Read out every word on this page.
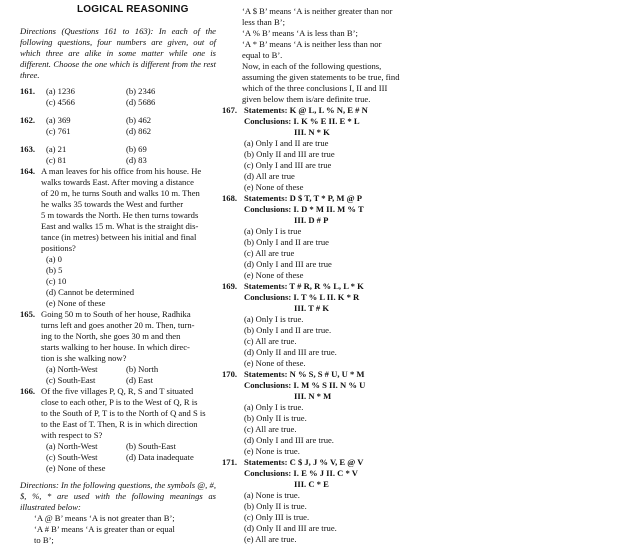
LOGICAL REASONING
Directions (Questions 161 to 163): In each of the following questions, four numbers are given, out of which three are alike in some matter while one is different. Choose the one which is different from the rest three.
161. (a) 1236	(b) 2346
(c) 4566	(d) 5686
162. (a) 369	(b) 462
(c) 761	(d) 862
163. (a) 21	(b) 69
(c) 81	(d) 83
164. A man leaves for his office from his house. He
walks towards East. After moving a distance
of 20 m, he turns South and walks 10 m. Then
he walks 35 towards the West and further
5 m towards the North. He then turns towards
East and walks 15 m. What is the straight dis-
tance (in metres) between his initial and final
positions?
(a) 0
(b) 5
(c) 10
(d) Cannot be determined
(e) None of these
165. Going 50 m to South of her house, Radhika
turns left and goes another 20 m. Then, turn-
ing to the North, she goes 30 m and then
starts walking to her house. In which direc-
tion is she walking now?
(a) North-West	(b) North
(c) South-East	(d) East
166. Of the five villages P, Q, R, S and T situated
close to each other, P is to the West of Q, R is
to the South of P, T is to the North of Q and S is
to the East of T. Then, R is in which direction
with respect to S?
(a) North-West	(b) South-East
(c) South-West	(d) Data inadequate
(e) None of these
Directions: In the following questions, the symbols @, #, $, %, * are used with the following meanings as illustrated below:
‘A @ B’ means ‘A is not greater than B’;
‘A # B’ means ‘A is greater than or equal
to B’;
‘A $ B’ means ‘A is neither greater than nor
less than B’;
‘A % B’ means ‘A is less than B’;
‘A * B’ means ‘A is neither less than nor
equal to B’.
Now, in each of the following questions,
assuming the given statements to be true, find
which of the three conclusions I, II and III
given below them is/are definite true.
167. Statements: K @ L, L % N, E # N
Conclusions: I. K % E II. E * L
III. N * K
(a) Only I and II are true
(b) Only II and III are true
(c) Only I and III are true
(d) All are true
(e) None of these
168. Statements: D $ T, T * P, M @ P
Conclusions: I. D * M II. M % T
III. D # P
(a) Only I is true
(b) Only I and II are true
(c) All are true
(d) Only I and III are true
(e) None of these
169. Statements: T # R, R % L, L * K
Conclusions: I. T % L II. K * R
III. T # K
(a) Only I is true.
(b) Only I and II are true.
(c) All are true.
(d) Only II and III are true.
(e) None of these.
170. Statements: N % S, S # U, U * M
Conclusions: I. M % S II. N % U
III. N * M
(a) Only I is true.
(b) Only II is true.
(c) All are true.
(d) Only I and III are true.
(e) None is true.
171. Statements: C $ J, J % V, E @ V
Conclusions: I. E % J II. C * V
III. C * E
(a) None is true.
(b) Only II is true.
(c) Only III is true.
(d) Only II and III are true.
(e) All are true.
